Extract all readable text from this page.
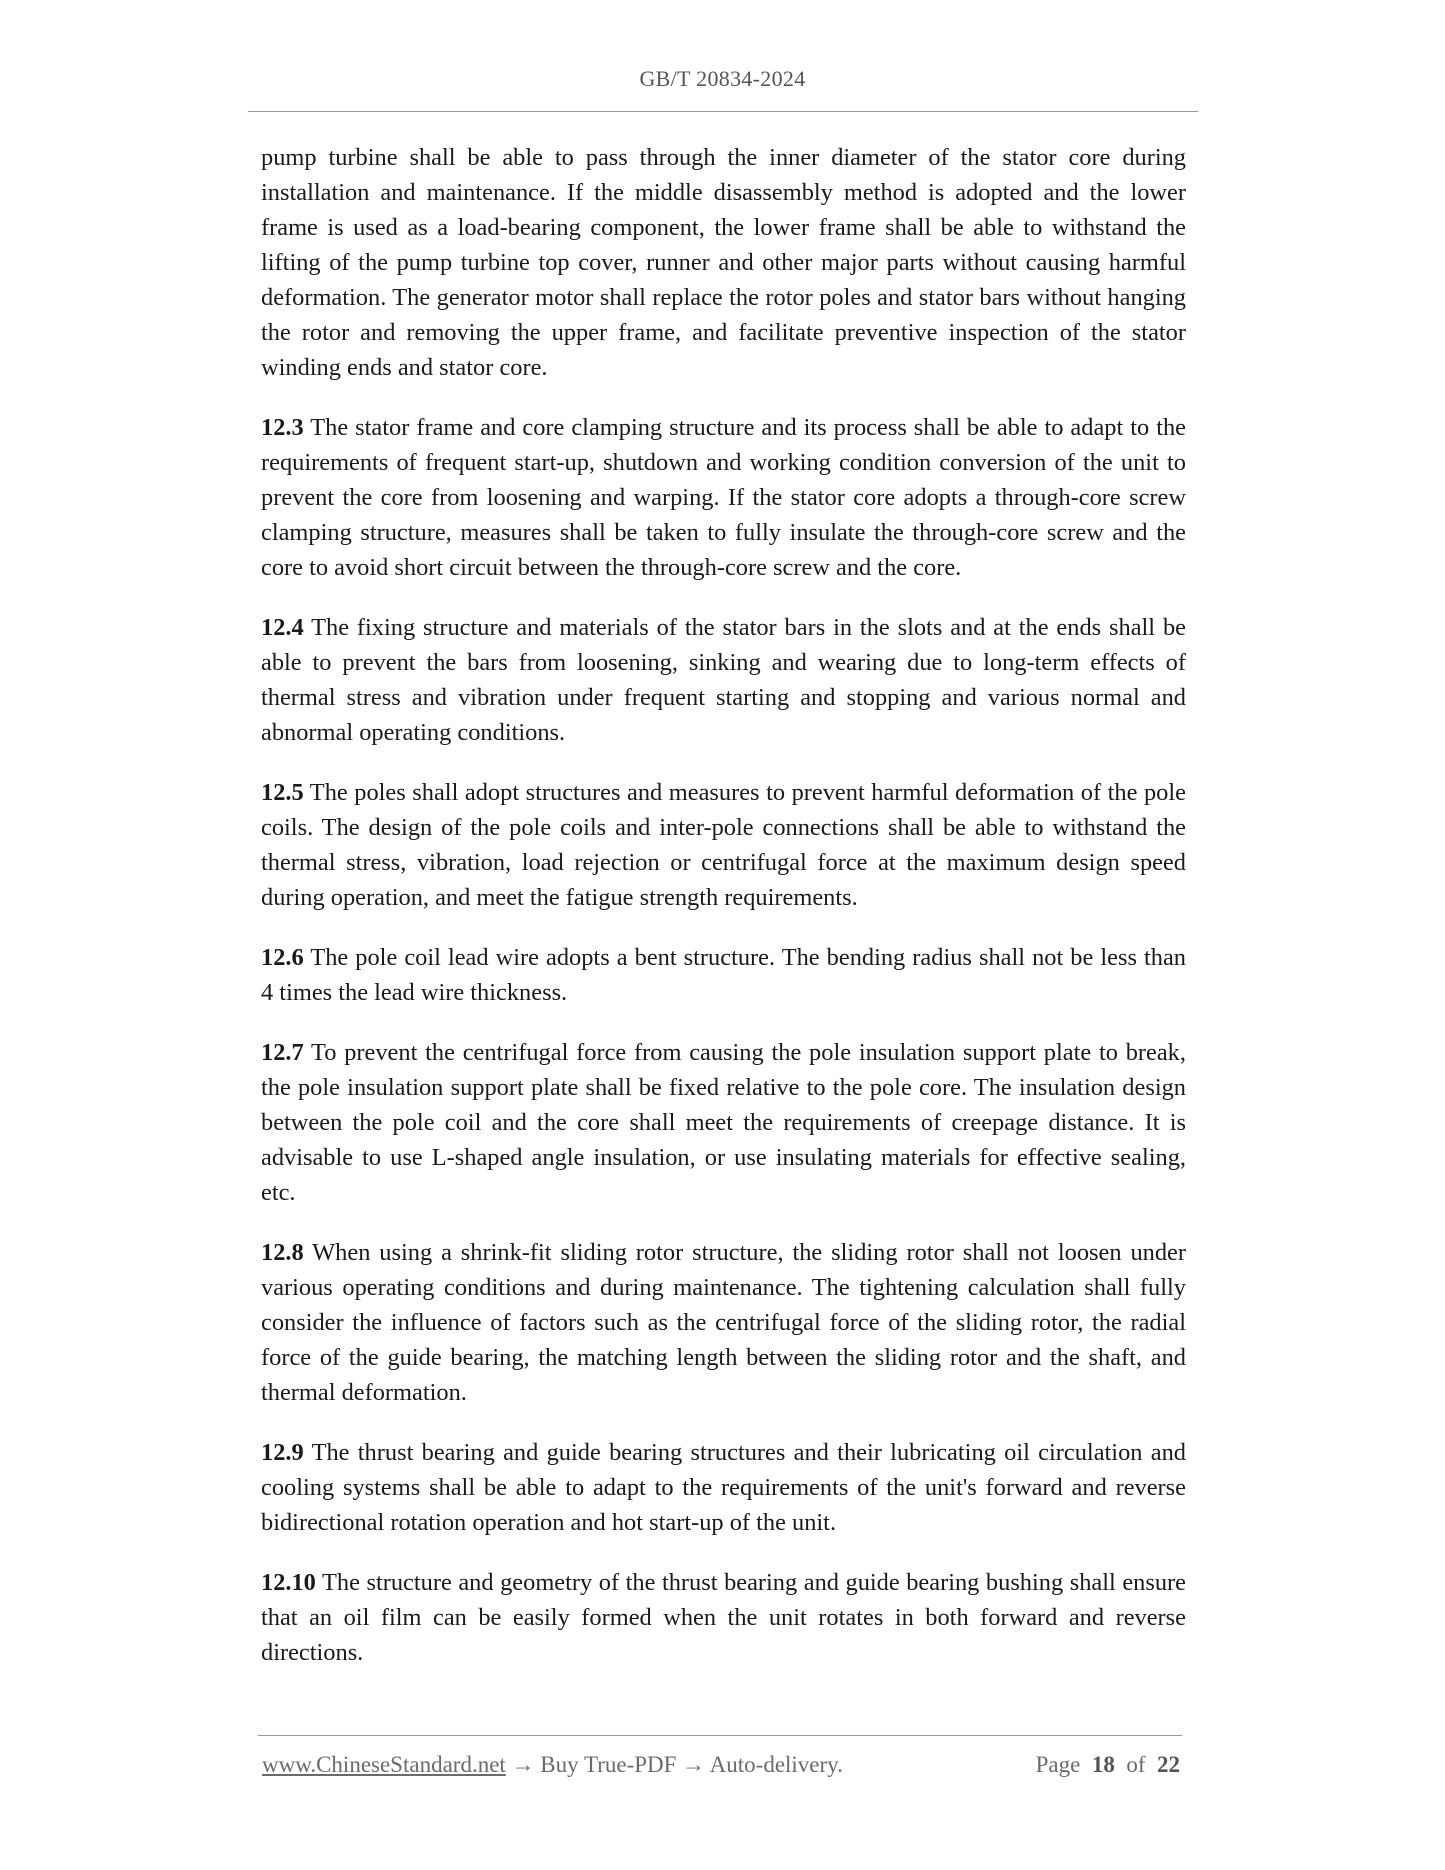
GB/T 20834-2024

pump turbine shall be able to pass through the inner diameter of the stator core during installation and maintenance. If the middle disassembly method is adopted and the lower frame is used as a load-bearing component, the lower frame shall be able to withstand the lifting of the pump turbine top cover, runner and other major parts without causing harmful deformation. The generator motor shall replace the rotor poles and stator bars without hanging the rotor and removing the upper frame, and facilitate preventive inspection of the stator winding ends and stator core.

12.3 The stator frame and core clamping structure and its process shall be able to adapt to the requirements of frequent start-up, shutdown and working condition conversion of the unit to prevent the core from loosening and warping. If the stator core adopts a through-core screw clamping structure, measures shall be taken to fully insulate the through-core screw and the core to avoid short circuit between the through-core screw and the core.

12.4 The fixing structure and materials of the stator bars in the slots and at the ends shall be able to prevent the bars from loosening, sinking and wearing due to long-term effects of thermal stress and vibration under frequent starting and stopping and various normal and abnormal operating conditions.

12.5 The poles shall adopt structures and measures to prevent harmful deformation of the pole coils. The design of the pole coils and inter-pole connections shall be able to withstand the thermal stress, vibration, load rejection or centrifugal force at the maximum design speed during operation, and meet the fatigue strength requirements.

12.6 The pole coil lead wire adopts a bent structure. The bending radius shall not be less than 4 times the lead wire thickness.

12.7 To prevent the centrifugal force from causing the pole insulation support plate to break, the pole insulation support plate shall be fixed relative to the pole core. The insulation design between the pole coil and the core shall meet the requirements of creepage distance. It is advisable to use L-shaped angle insulation, or use insulating materials for effective sealing, etc.

12.8 When using a shrink-fit sliding rotor structure, the sliding rotor shall not loosen under various operating conditions and during maintenance. The tightening calculation shall fully consider the influence of factors such as the centrifugal force of the sliding rotor, the radial force of the guide bearing, the matching length between the sliding rotor and the shaft, and thermal deformation.

12.9 The thrust bearing and guide bearing structures and their lubricating oil circulation and cooling systems shall be able to adapt to the requirements of the unit's forward and reverse bidirectional rotation operation and hot start-up of the unit.

12.10 The structure and geometry of the thrust bearing and guide bearing bushing shall ensure that an oil film can be easily formed when the unit rotates in both forward and reverse directions.

www.ChineseStandard.net → Buy True-PDF → Auto-delivery.	Page 18 of 22
